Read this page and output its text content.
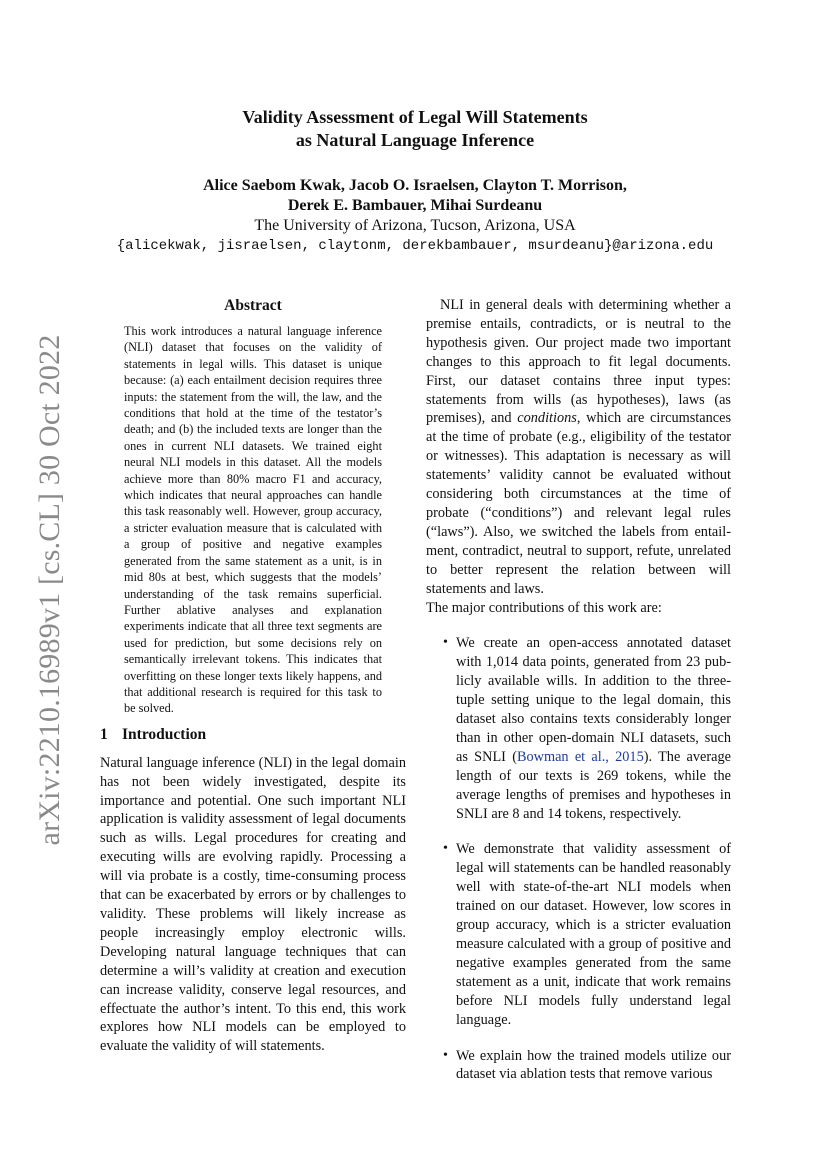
arXiv:2210.16989v1 [cs.CL] 30 Oct 2022
Validity Assessment of Legal Will Statements
as Natural Language Inference
Alice Saebom Kwak, Jacob O. Israelsen, Clayton T. Morrison,
Derek E. Bambauer, Mihai Surdeanu
The University of Arizona, Tucson, Arizona, USA
{alicekwak, jisraelsen, claytonm, derekbambauer, msurdeanu}@arizona.edu
Abstract
This work introduces a natural language inference (NLI) dataset that focuses on the validity of statements in legal wills. This dataset is unique because: (a) each entailment decision requires three inputs: the statement from the will, the law, and the conditions that hold at the time of the testator’s death; and (b) the included texts are longer than the ones in current NLI datasets. We trained eight neural NLI models in this dataset. All the models achieve more than 80% macro F1 and accuracy, which indicates that neural approaches can handle this task reasonably well. However, group accuracy, a stricter evaluation measure that is calculated with a group of positive and negative examples generated from the same statement as a unit, is in mid 80s at best, which suggests that the models’ understanding of the task remains superficial. Further ablative analyses and explanation experiments indicate that all three text segments are used for prediction, but some decisions rely on semantically irrelevant tokens. This indicates that overfitting on these longer texts likely happens, and that additional research is required for this task to be solved.
1 Introduction

Natural language inference (NLI) in the legal domain has not been widely investigated, despite its importance and potential. One such important NLI application is validity assessment of legal documents such as wills. Legal procedures for creating and executing wills are evolving rapidly. Processing a will via probate is a costly, time-consuming process that can be exacerbated by errors or by challenges to validity. These problems will likely increase as people increasingly employ electronic wills. Developing natural language techniques that can determine a will’s validity at creation and execution can increase validity, conserve legal resources, and effectuate the author’s intent. To this end, this work explores how NLI models can be employed to evaluate the validity of will statements.

NLI in general deals with determining whether a premise entails, contradicts, or is neutral to the hypothesis given. Our project made two important changes to this approach to fit legal documents. First, our dataset contains three input types: statements from wills (as hypotheses), laws (as premises), and conditions, which are circumstances at the time of probate (e.g., eligibility of the testator or witnesses). This adaptation is necessary as will statements’ validity cannot be evaluated without considering both circumstances at the time of probate (“conditions”) and relevant legal rules (“laws”). Also, we switched the labels from entailment, contradict, neutral to support, refute, unrelated to better represent the relation between will statements and laws.

The major contributions of this work are:

• We create an open-access annotated dataset with 1,014 data points, generated from 23 publicly available wills. In addition to the three-tuple setting unique to the legal domain, this dataset also contains texts considerably longer than in other open-domain NLI datasets, such as SNLI (Bowman et al., 2015). The average length of our texts is 269 tokens, while the average lengths of premises and hypotheses in SNLI are 8 and 14 tokens, respectively.
• We demonstrate that validity assessment of legal will statements can be handled reasonably well with state-of-the-art NLI models when trained on our dataset. However, low scores in group accuracy, which is a stricter evaluation measure calculated with a group of positive and negative examples generated from the same statement as a unit, indicate that work remains before NLI models fully understand legal language.
• We explain how the trained models utilize our dataset via ablation tests that remove various
